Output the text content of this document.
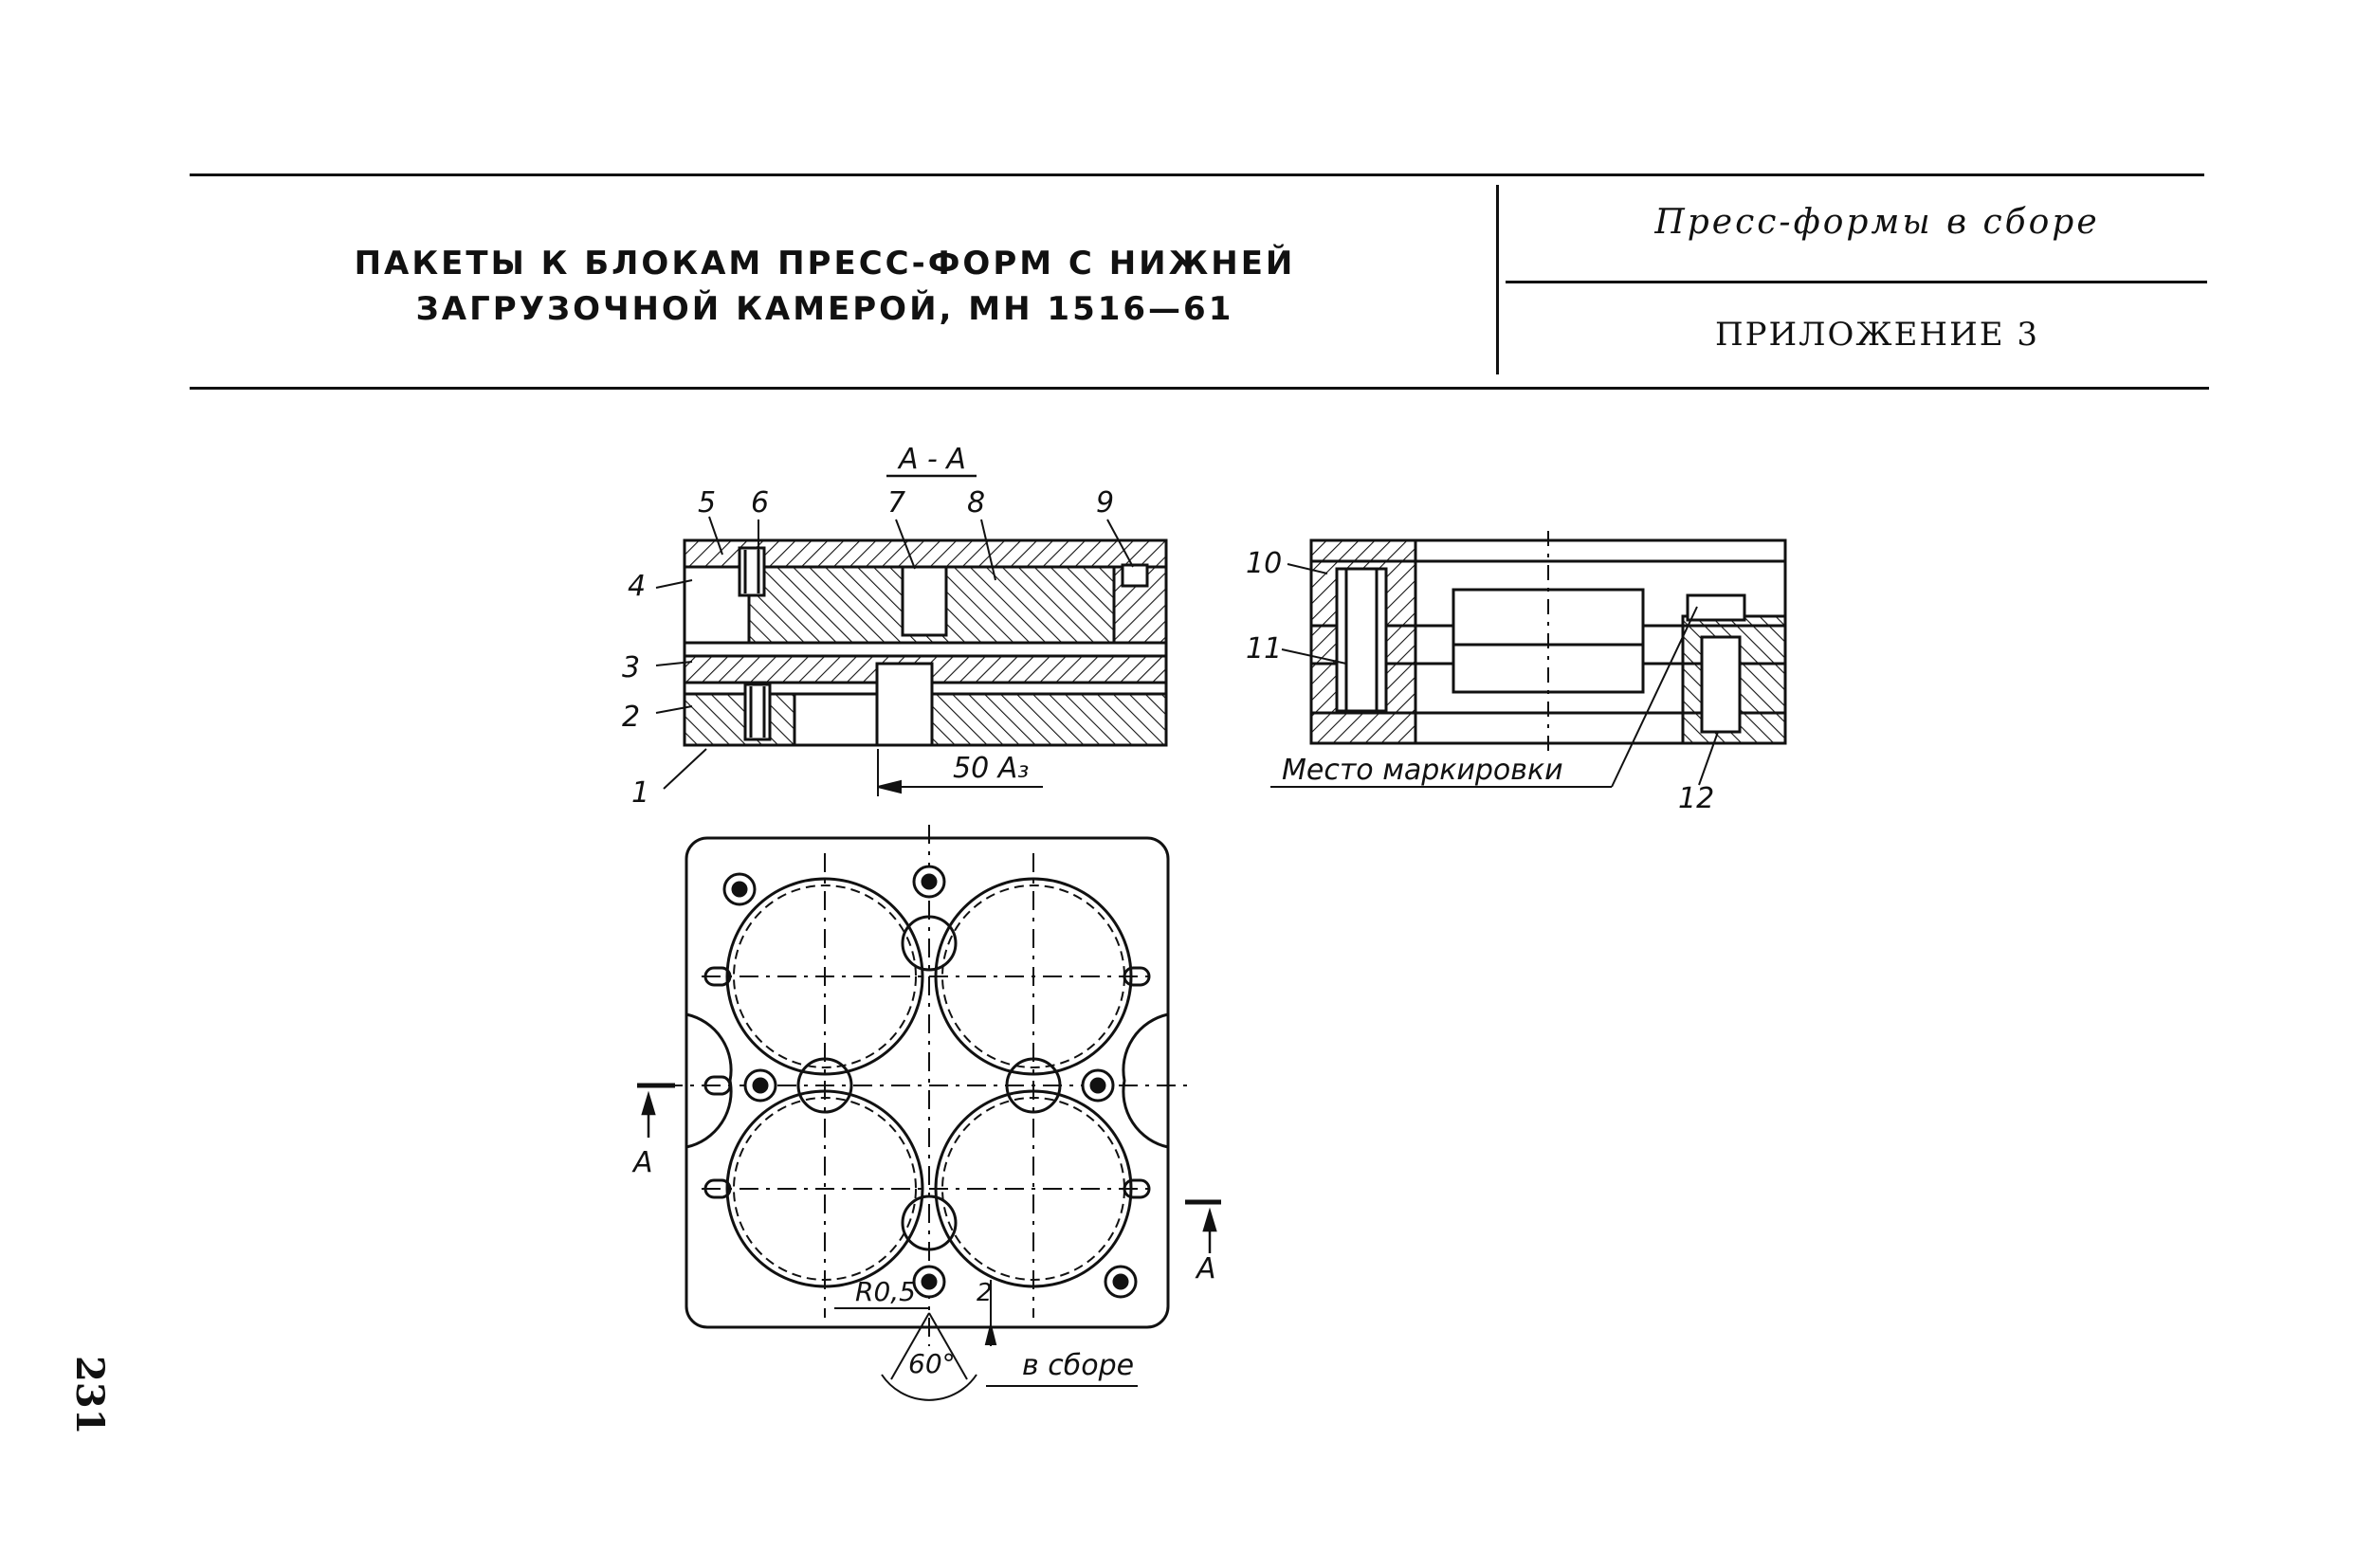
ПАКЕТЫ К БЛОКАМ ПРЕСС-ФОРМ С НИЖНЕЙ
ЗАГРУЗОЧНОЙ КАМЕРОЙ, МН 1516—61
Пресс-формы в сборе
ПРИЛОЖЕНИЕ 3
231
А - А
5 6	7 8	9
4
3
2
1
50 A₃
10
11
12
Место маркировки
А
А
R0,5 2
60° в сборе
